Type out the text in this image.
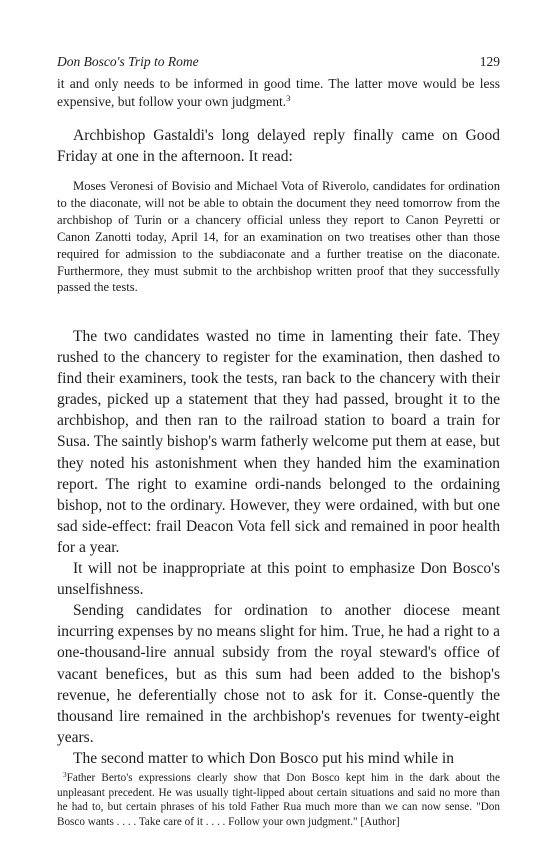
Don Bosco's Trip to Rome	129
it and only needs to be informed in good time. The latter move would be less expensive, but follow your own judgment.$^3$
Archbishop Gastaldi's long delayed reply finally came on Good Friday at one in the afternoon. It read:
Moses Veronesi of Bovisio and Michael Vota of Riverolo, candidates for ordination to the diaconate, will not be able to obtain the document they need tomorrow from the archbishop of Turin or a chancery official unless they report to Canon Peyretti or Canon Zanotti today, April 14, for an examination on two treatises other than those required for admission to the subdiaconate and a further treatise on the diaconate. Furthermore, they must submit to the archbishop written proof that they successfully passed the tests.

The two candidates wasted no time in lamenting their fate. They rushed to the chancery to register for the examination, then dashed to find their examiners, took the tests, ran back to the chancery with their grades, picked up a statement that they had passed, brought it to the archbishop, and then ran to the railroad station to board a train for Susa. The saintly bishop's warm fatherly welcome put them at ease, but they noted his astonishment when they handed him the examination report. The right to examine ordi-nands belonged to the ordaining bishop, not to the ordinary. However, they were ordained, with but one sad side-effect: frail Deacon Vota fell sick and remained in poor health for a year.

It will not be inappropriate at this point to emphasize Don Bosco's unselfishness.

Sending candidates for ordination to another diocese meant incurring expenses by no means slight for him. True, he had a right to a one-thousand-lire annual subsidy from the royal steward's office of vacant benefices, but as this sum had been added to the bishop's revenue, he deferentially chose not to ask for it. Conse-quently the thousand lire remained in the archbishop's revenues for twenty-eight years.

The second matter to which Don Bosco put his mind while in

$^3$Father Berto's expressions clearly show that Don Bosco kept him in the dark about the unpleasant precedent. He was usually tight-lipped about certain situations and said no more than he had to, but certain phrases of his told Father Rua much more than we can now sense. "Don Bosco wants . . . . Take care of it . . . . Follow your own judgment." [Author]
